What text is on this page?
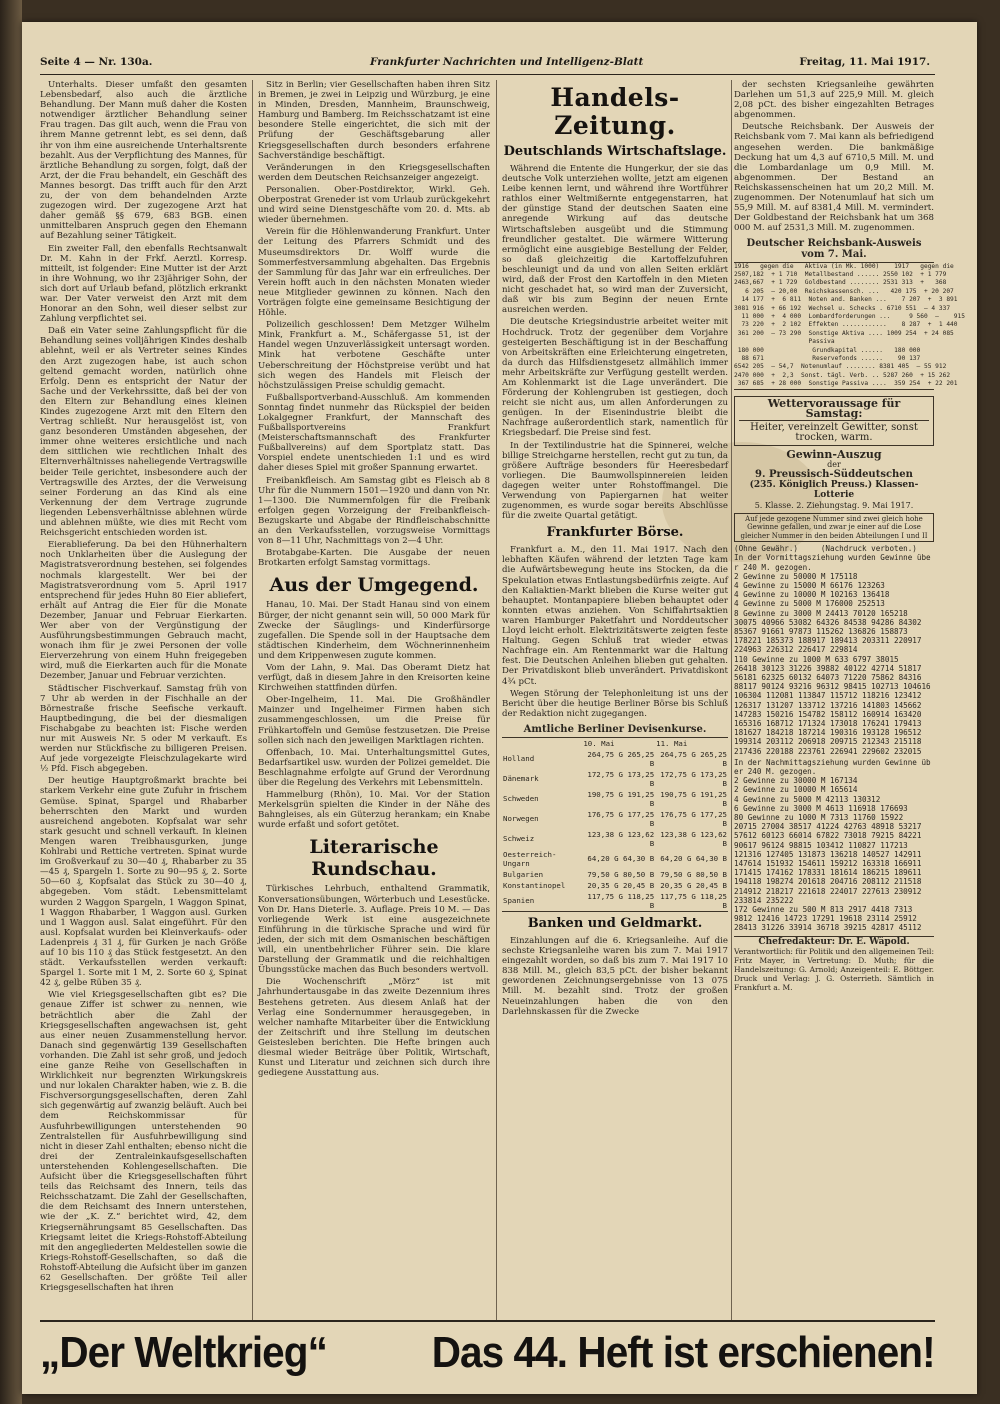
Seite 4 — Nr. 130a.	Frankfurter Nachrichten und Intelligenz-Blatt	Freitag, 11. Mai 1917.

Unterhalts. Dieser umfaßt den gesamten Lebensbedarf, also auch die ärztliche Behandlung. Der Mann muß daher die Kosten notwendiger ärztlicher Behandlung seiner Frau tragen. Das gilt auch, wenn die Frau von ihrem Manne getrennt lebt, es sei denn, daß ihr von ihm eine ausreichende Unterhaltsrente bezahlt. Aus der Verpflichtung des Mannes, für ärztliche Behandlung zu sorgen, folgt, daß der Arzt, der die Frau behandelt, ein Geschäft des Mannes besorgt. Das trifft auch für den Arzt zu, der von dem behandelnden Arzte zugezogen wird. Der zugezogene Arzt hat daher gemäß §§ 679, 683 BGB. einen unmittelbaren Anspruch gegen den Ehemann auf Bezahlung seiner Tätigkeit.

Ein zweiter Fall, den ebenfalls Rechtsanwalt Dr. M. Kahn in der Frkf. Aerztl. Korresp. mitteilt, ist folgender: Eine Mutter ist der Arzt in ihre Wohnung, wo ihr 23jähriger Sohn, der sich dort auf Urlaub befand, plötzlich erkrankt war. Der Vater verweist den Arzt mit dem Honorar an den Sohn, weil dieser selbst zur Zahlung verpflichtet sei.

Daß ein Vater seine Zahlungspflicht für die Behandlung seines volljährigen Kindes deshalb ablehnt, weil er als Vertreter seines Kindes den Arzt zugezogen habe, ist auch schon geltend gemacht worden, natürlich ohne Erfolg. Denn es entspricht der Natur der Sache und der Verkehrssitte, daß bei der von den Eltern zur Behandlung eines kleinen Kindes zugezogene Arzt mit den Eltern den Vertrag schließt. Nur herausgelöst ist, von ganz besonderen Umständen abgesehen, der immer ohne weiteres ersichtliche und nach dem sittlichen wie rechtlichen Inhalt des Elternverhältnisses naheliegende Vertragswille beider Teile gerichtet, insbesondere auch der Vertragswille des Arztes, der die Verweisung seiner Forderung an das Kind als eine Verkennung der dem Vertrage zugrunde liegenden Lebensverhältnisse ablehnen würde und ablehnen müßte, wie dies mit Recht vom Reichsgericht entschieden worden ist.

Eierablieferung. Da bei den Hühnerhaltern noch Unklarheiten über die Auslegung der Magistratsverordnung bestehen, sei folgendes nochmals klargestellt. Wer bei der Magistratsverordnung vom 5. April 1917 entsprechend für jedes Huhn 80 Eier abliefert, erhält auf Antrag die Eier für die Monate Dezember, Januar und Februar Eierkarten. Wer aber von der Vergünstigung der Ausführungsbestimmungen Gebrauch macht, wonach ihm für je zwei Personen der volle Eierverzehrung von einem Huhn freigegeben wird, muß die Eierkarten auch für die Monate Dezember, Januar und Februar verzichten.

Städtischer Fischverkauf. Samstag früh von 7 Uhr ab werden in der Fischhalle an der Börnestraße frische Seefische verkauft. Hauptbedingung, die bei der diesmaligen Fischabgabe zu beachten ist: Fische werden nur mit Ausweis Nr. 5 oder M verkauft. Es werden nur Stückfische zu billigeren Preisen. Auf jede vorgezeigte Fleischzulagekarte wird ½ Pfd. Fisch abgegeben.

Der heutige Hauptgroßmarkt brachte bei starkem Verkehr eine gute Zufuhr in frischem Gemüse. Spinat, Spargel und Rhabarber beherrschten den Markt und wurden ausreichend angeboten. Kopfsalat war sehr stark gesucht und schnell verkauft. In kleinen Mengen waren Treibhausgurken, junge Kohlrabi und Rettiche vertreten. Spinat wurde im Großverkauf zu 30—40 ₰, Rhabarber zu 35—45 ₰, Spargeln 1. Sorte zu 90—95 ₰, 2. Sorte 50—60 ₰, Kopfsalat das Stück zu 30—40 ₰, abgegeben. Vom städt. Lebensmittelamt wurden 2 Waggon Spargeln, 1 Waggon Spinat, 1 Waggon Rhabarber, 1 Waggon ausl. Gurken und 1 Waggon ausl. Salat eingeführt. Für den ausl. Kopfsalat wurden bei Kleinverkaufs- oder Ladenpreis ₰ 31 ₰, für Gurken je nach Größe auf 10 bis 110 ₰ das Stück festgesetzt. An den städt. Verkaufsstellen werden verkauft: Spargel 1. Sorte mit 1 M, 2. Sorte 60 ₰, Spinat 42 ₰, gelbe Rüben 35 ₰.

Wie viel Kriegsgesellschaften gibt es? Die genaue Ziffer ist schwer zu nennen, wie beträchtlich aber die Zahl der Kriegsgesellschaften angewachsen ist, geht aus einer neuen Zusammenstellung hervor. Danach sind gegenwärtig 139 Gesellschaften vorhanden. Die Zahl ist sehr groß, und jedoch eine ganze Reihe von Gesellschaften in Wirklichkeit nur begrenzten Wirkungskreis und nur lokalen Charakter haben, wie z. B. die Fischversorgungsgesellschaften, deren Zahl sich gegenwärtig auf zwanzig beläuft. Auch bei dem Reichskommissar für Ausfuhrbewilligungen unterstehenden 90 Zentralstellen für Ausfuhrbewilligung sind nicht in dieser Zahl enthalten; ebenso nicht die drei der Zentraleinkaufsgesellschaften unterstehenden Kohlengesellschaften. Die Aufsicht über die Kriegsgesellschaften führt teils das Reichsamt des Innern, teils das Reichsschatzamt. Die Zahl der Gesellschaften, die dem Reichsamt des Innern unterstehen, wie der „K. Z.“ berichtet wird, 42, dem Kriegsernährungsamt 85 Gesellschaften. Das Kriegsamt leitet die Kriegs-Rohstoff-Abteilung mit den angegliederten Meldestellen sowie die Kriegs-Rohstoff-Gesellschaften, so daß die Rohstoff-Abteilung die Aufsicht über im ganzen 62 Gesellschaften. Der größte Teil aller Kriegsgesellschaften hat ihren

Sitz in Berlin; vier Gesellschaften haben ihren Sitz in Bremen, je zwei in Leipzig und Würzburg, je eine in Minden, Dresden, Mannheim, Braunschweig, Hamburg und Bamberg. Im Reichsschatzamt ist eine besondere Stelle eingerichtet, die sich mit der Prüfung der Geschäftsgebarung aller Kriegsgesellschaften durch besonders erfahrene Sachverständige beschäftigt.

Veränderungen in den Kriegsgesellschaften werden dem Deutschen Reichsanzeiger angezeigt.

Personalien. Ober-Postdirektor, Wirkl. Geh. Oberpostrat Greneder ist vom Urlaub zurückgekehrt und wird seine Dienstgeschäfte vom 20. d. Mts. ab wieder übernehmen.

Verein für die Höhlenwanderung Frankfurt. Unter der Leitung des Pfarrers Schmidt und des Museumsdirektors Dr. Wolff wurde die Sommerfestversammlung abgehalten. Das Ergebnis der Sammlung für das Jahr war ein erfreuliches. Der Verein hofft auch in den nächsten Monaten wieder neue Mitglieder gewinnen zu können. Nach den Vorträgen folgte eine gemeinsame Besichtigung der Höhle.

Polizeilich geschlossen! Dem Metzger Wilhelm Mink, Frankfurt a. M., Schäfergasse 51, ist der Handel wegen Unzuverlässigkeit untersagt worden. Mink hat verbotene Geschäfte unter Ueberschreitung der Höchstpreise verübt und hat sich wegen des Handels mit Fleisch der höchstzulässigen Preise schuldig gemacht.

Fußballsportverband-Ausschluß. Am kommenden Sonntag findet nunmehr das Rückspiel der beiden Lokalgegner Frankfurt, der Mannschaft des Fußballsportvereins Frankfurt (Meisterschaftsmannschaft des Frankfurter Fußballvereins) auf dem Sportplatz statt. Das Vorspiel endete unentschieden 1:1 und es wird daher dieses Spiel mit großer Spannung erwartet.

Freibankfleisch. Am Samstag gibt es Fleisch ab 8 Uhr für die Nummern 1501—1920 und dann von Nr. 1—1300. Die Nummernfolgen für die Freibank erfolgen gegen Vorzeigung der Freibankfleisch-Bezugskarte und Abgabe der Rindfleischabschnitte an den Verkaufsstellen, vorzugsweise Vormittags von 8—11 Uhr, Nachmittags von 2—4 Uhr.

Brotabgabe-Karten. Die Ausgabe der neuen Brotkarten erfolgt Samstag vormittags.

Aus der Umgegend.

Hanau, 10. Mai. Der Stadt Hanau sind von einem Bürger, der nicht genannt sein will, 50 000 Mark für Zwecke der Säuglings- und Kinderfürsorge zugefallen. Die Spende soll in der Hauptsache dem städtischen Kinderheim, dem Wöchnerinnenheim und dem Krippenwesen zugute kommen.

Vom der Lahn, 9. Mai. Das Oberamt Dietz hat verfügt, daß in diesem Jahre in den Kreisorten keine Kirchweihen stattfinden dürfen.

Ober-Ingelheim, 11. Mai. Die Großhändler Mainzer und Ingelheimer Firmen haben sich zusammengeschlossen, um die Preise für Frühkartoffeln und Gemüse festzusetzen. Die Preise sollen sich nach den jeweiligen Marktlagen richten.

Offenbach, 10. Mai. Unterhaltungsmittel Gutes, Bedarfsartikel usw. wurden der Polizei gemeldet. Die Beschlagnahme erfolgte auf Grund der Verordnung über die Regelung des Verkehrs mit Lebensmitteln.

Hammelburg (Rhön), 10. Mai. Vor der Station Merkelsgrün spielten die Kinder in der Nähe des Bahngleises, als ein Güterzug herankam; ein Knabe wurde erfaßt und sofort getötet.

Literarische Rundschau.

Türkisches Lehrbuch, enthaltend Grammatik, Konversationsübungen, Wörterbuch und Lesestücke. Von Dr. Hans Dieterle. 3. Auflage. Preis 10 M. — Das vorliegende Werk ist eine ausgezeichnete Einführung in die türkische Sprache und wird für jeden, der sich mit dem Osmanischen beschäftigen will, ein unentbehrlicher Führer sein. Die klare Darstellung der Grammatik und die reichhaltigen Übungsstücke machen das Buch besonders wertvoll.

Die Wochenschrift „Mörz“ ist mit Jahrhundertausgabe in das zweite Dezennium ihres Bestehens getreten. Aus diesem Anlaß hat der Verlag eine Sondernummer herausgegeben, in welcher namhafte Mitarbeiter über die Entwicklung der Zeitschrift und ihre Stellung im deutschen Geistesleben berichten. Die Hefte bringen auch diesmal wieder Beiträge über Politik, Wirtschaft, Kunst und Literatur und zeichnen sich durch ihre gediegene Ausstattung aus.

Handels-Zeitung.
Deutschlands Wirtschaftslage.

Während die Entente die Hungerkur, der sie das deutsche Volk unterziehen wollte, jetzt am eigenen Leibe kennen lernt, und während ihre Wortführer rathlos einer Weltmißernte entgegenstarren, hat der günstige Stand der deutschen Saaten eine anregende Wirkung auf das deutsche Wirtschaftsleben ausgeübt und die Stimmung freundlicher gestaltet. Die wärmere Witterung ermöglicht eine ausgiebige Bestellung der Felder, so daß gleichzeitig die Kartoffelzufuhren beschleunigt und da und von allen Seiten erklärt wird, daß der Frost den Kartoffeln in den Mieten nicht geschadet hat, so wird man der Zuversicht, daß wir bis zum Beginn der neuen Ernte ausreichen werden.

Die deutsche Kriegsindustrie arbeitet weiter mit Hochdruck. Trotz der gegenüber dem Vorjahre gesteigerten Beschäftigung ist in der Beschaffung von Arbeitskräften eine Erleichterung eingetreten, da durch das Hilfsdienstgesetz allmählich immer mehr Arbeitskräfte zur Verfügung gestellt werden. Am Kohlenmarkt ist die Lage unverändert. Die Förderung der Kohlengruben ist gestiegen, doch reicht sie nicht aus, um allen Anforderungen zu genügen. In der Eisenindustrie bleibt die Nachfrage außerordentlich stark, namentlich für Kriegsbedarf. Die Preise sind fest.

In der Textilindustrie hat die Spinnerei, welche billige Streichgarne herstellen, recht gut zu tun, da größere Aufträge besonders für Heeresbedarf vorliegen. Die Baumwollspinnereien leiden dagegen weiter unter Rohstoffmangel. Die Verwendung von Papiergarnen hat weiter zugenommen, es wurde sogar bereits Abschlüsse für die zweite Quartal getätigt.

Frankfurter Börse.

Frankfurt a. M., den 11. Mai 1917. Nach den lebhaften Käufen während der letzten Tage kam die Aufwärtsbewegung heute ins Stocken, da die Spekulation etwas Entlastungsbedürfnis zeigte. Auf den Kaliaktien-Markt blieben die Kurse weiter gut behauptet. Montanpapiere blieben behauptet oder konnten etwas anziehen. Von Schiffahrtsaktien waren Hamburger Paketfahrt und Norddeutscher Lloyd leicht erholt. Elektrizitätswerte zeigten feste Haltung. Gegen Schluß trat wieder etwas Nachfrage ein. Am Rentenmarkt war die Haltung fest. Die Deutschen Anleihen blieben gut gehalten. Der Privatdiskont blieb unverändert. Privatdiskont 4¾ pCt.

Wegen Störung der Telephonleitung ist uns der Bericht über die heutige Berliner Börse bis Schluß der Redaktion nicht zugegangen.

Amtliche Berliner Devisenkurse.
	10. Mai	11. Mai
Holland	264,75 G 265,25 B	264,75 G 265,25 B
Dänemark	172,75 G 173,25 B	172,75 G 173,25 B
Schweden	190,75 G 191,25 B	190,75 G 191,25 B
Norwegen	176,75 G 177,25 B	176,75 G 177,25 B
Schweiz	123,38 G 123,62 B	123,38 G 123,62 B
Oesterreich-Ungarn	64,20 G 64,30 B	64,20 G 64,30 B
Bulgarien	79,50 G 80,50 B	79,50 G 80,50 B
Konstantinopel	20,35 G 20,45 B	20,35 G 20,45 B
Spanien	117,75 G 118,25 B	117,75 G 118,25 B
Banken und Geldmarkt.

Einzahlungen auf die 6. Kriegsanleihe. Auf die sechste Kriegsanleihe waren bis zum 7. Mai 1917 eingezahlt worden, so daß bis zum 7. Mai 1917 10 838 Mill. M., gleich 83,5 pCt. der bisher bekannt gewordenen Zeichnungsergebnisse von 13 075 Mill. M. bezahlt sind. Trotz der großen Neueinzahlungen haben die von den Darlehnskassen für die Zwecke

der sechsten Kriegsanleihe gewährten Darlehen um 51,3 auf 225,9 Mill. M. gleich 2,08 pCt. des bisher eingezahlten Betrages abgenommen.

Deutsche Reichsbank. Der Ausweis der Reichsbank vom 7. Mai kann als befriedigend angesehen werden. Die bankmäßige Deckung hat um 4,3 auf 6710,5 Mill. M. und die Lombardanlage um 0,9 Mill. M. abgenommen. Der Bestand an Reichskassenscheinen hat um 20,2 Mill. M. zugenommen. Der Notenumlauf hat sich um 55,9 Mill. M. auf 8381,4 Mill. M. vermindert. Der Goldbestand der Reichsbank hat um 368 000 M. auf 2531,3 Mill. M. zugenommen.

Deutscher Reichsbank-Ausweis vom 7. Mai.
1916   gegen die   Aktiva (in Mk. 1000)    1917   gegen die
2507,182  + 1 710  Metallbestand ...... 2550 102  + 1 779
2463,667  + 1 729  Goldbestand ........ 2531 313  +   368
6 205  — 20,00  Reichskassensch. ...   420 175  + 20 207
14 177  +  6 811  Noten and. Banken ...    7 207  +  3 891
3081 916  + 66 192  Wechsel u. Schecks . 6710 551  — 4 337
11 000  +  4 000  Lombardforderungen ...     9 560  —    915
73 220  +  2 102  Effekten ............    8 287  +  1 440
361 200  — 73 290  Sonstige Aktiva .... 1009 254  + 24 085
Passiva
180 000             Grundkapital ......   180 000
88 671             Reservefonds ......    90 137
6542 205  — 54,7  Notenumlauf ........ 8381 405  — 55 912
2470 000  +  2,3  Sonst. tägl. Verb. .. 5287 260  + 15 262
367 685  + 28 000  Sonstige Passiva ....  359 254  + 22 201
Wettervoraussage für Samstag:
Heiter, vereinzelt Gewitter, sonst trocken, warm.
Gewinn-Auszug
der
9. Preussisch-Süddeutschen
(235. Königlich Preuss.) Klassen-Lotterie
5. Klasse. 2. Ziehungstag. 9. Mai 1917.
Auf jede gezogene Nummer sind zwei gleich hohe Gewinne gefallen, und zwar je einer auf die Lose gleicher Nummer in den beiden Abteilungen I und II
(Ohne Gewähr.)     (Nachdruck verboten.)
In der Vormittagsziehung wurden Gewinne über 240 M. gezogen.
2 Gewinne zu 50000 M 175118
4 Gewinne zu 15000 M 66176 123263
4 Gewinne zu 10000 M 102163 136418
4 Gewinne zu 5000 M 176000 252513
8 Gewinne zu 3000 M 24413 70120 165218
30075 40966 53082 64326 84538 94286 84302
85367 91661 97873 115262 136826 158873
178221 185373 188917 189413 203311 220917
224963 226312 226417 229814
110 Gewinne zu 1000 M 633 6797 38015
26418 30123 31226 39882 40122 42714 51817
56181 62325 60132 64073 71220 75862 84316
88117 90124 93216 96312 98415 102713 104616
106304 112081 113847 115712 118216 123412
126317 131207 133712 137216 141803 145662
147283 150216 154782 158112 160914 163420
165316 168712 171324 173018 176241 179413
181627 184218 187214 190316 193128 196512
199314 203112 206918 209715 212343 215118
217436 220188 223761 226941 229602 232015
In der Nachmittagsziehung wurden Gewinne über 240 M. gezogen.
2 Gewinne zu 30000 M 167134
2 Gewinne zu 10000 M 165614
4 Gewinne zu 5000 M 42113 130312
6 Gewinne zu 3000 M 4613 116918 176693
80 Gewinne zu 1000 M 7313 11760 15922
20715 27004 38517 41224 42763 48918 53217
57612 60123 66014 67822 73018 79215 84221
90617 96124 98815 103412 110827 117213
121316 127405 131873 136218 140527 142911
147614 151932 154611 159212 163318 166911
171415 174162 178331 181614 186215 189611
194118 198274 201618 204716 208112 211518
214912 218217 221618 224017 227613 230912
233814 235222
172 Gewinne zu 500 M 813 2917 4418 7313
9812 12416 14723 17291 19618 23114 25912
28413 31226 33914 36718 39215 42817 45112
Chefredakteur: Dr. E. Wäpold.
Verantwortlich: für Politik und den allgemeinen Teil: Fritz Mayer, in Vertretung: D. Muth; für die Handelszeitung: G. Arnold; Anzeigenteil: E. Böttger. Druck und Verlag: J. G. Osterrieth. Sämtlich in Frankfurt a. M.
„Der Weltkrieg“ Das 44. Heft ist erschienen!
